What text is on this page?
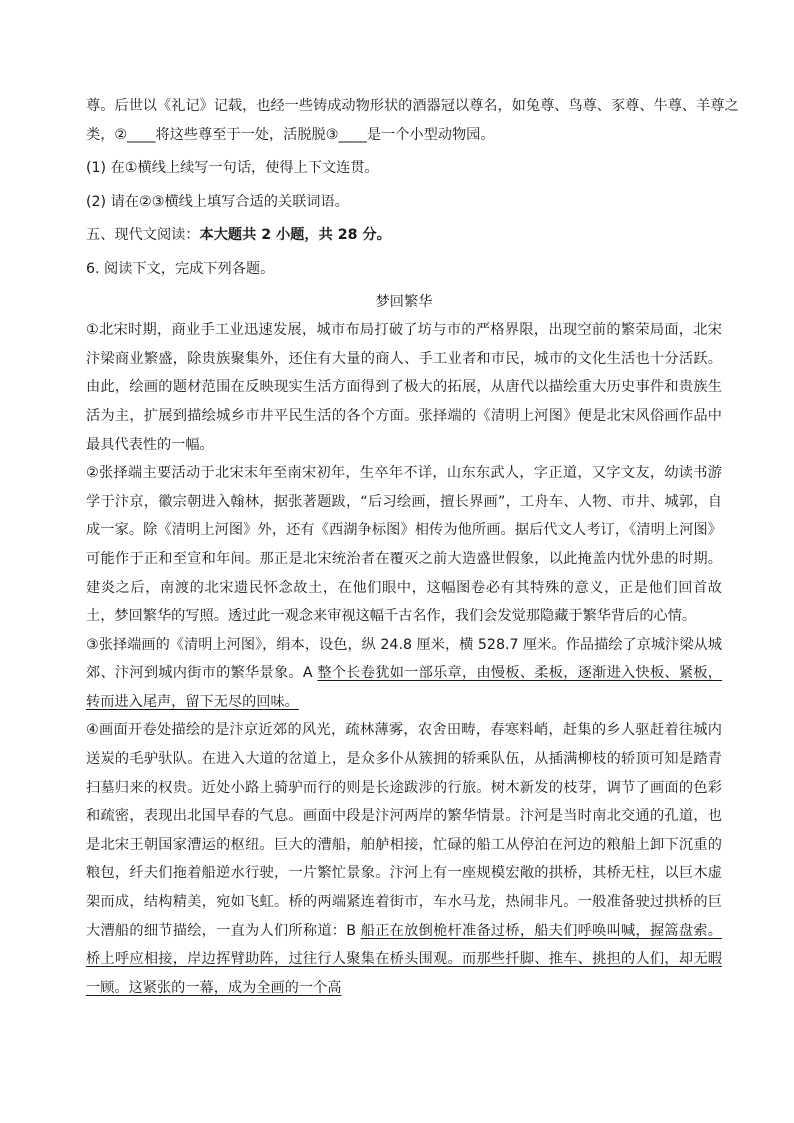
尊。后世以《礼记》记载，也经一些铸成动物形状的酒器冠以尊名，如兔尊、鸟尊、豕尊、牛尊、羊尊之

类，②____将这些尊至于一处，活脱脱③____是一个小型动物园。

(1) 在①横线上续写一句话，使得上下文连贯。

(2) 请在②③横线上填写合适的关联词语。

五、现代文阅读：本大题共 2 小题，共 28 分。

6. 阅读下文，完成下列各题。

梦回繁华

①北宋时期，商业手工业迅速发展，城市布局打破了坊与市的严格界限，出现空前的繁荣局面，北宋汴梁商业繁盛，除贵族聚集外，还住有大量的商人、手工业者和市民，城市的文化生活也十分活跃。由此，绘画的题材范围在反映现实生活方面得到了极大的拓展，从唐代以描绘重大历史事件和贵族生活为主，扩展到描绘城乡市井平民生活的各个方面。张择端的《清明上河图》便是北宋风俗画作品中最具代表性的一幅。

②张择端主要活动于北宋末年至南宋初年，生卒年不详，山东东武人，字正道，又字文友，幼读书游学于汴京，徽宗朝进入翰林，据张著题跋，“后习绘画，擅长界画”，工舟车、人物、市井、城郭，自成一家。除《清明上河图》外，还有《西湖争标图》相传为他所画。据后代文人考订，《清明上河图》可能作于正和至宣和年间。那正是北宋统治者在覆灭之前大造盛世假象，以此掩盖内忧外患的时期。建炎之后，南渡的北宋遗民怀念故土，在他们眼中，这幅图卷必有其特殊的意义，正是他们回首故土，梦回繁华的写照。透过此一观念来审视这幅千古名作，我们会发觉那隐藏于繁华背后的心情。

③张择端画的《清明上河图》，绢本，设色，纵 24.8 厘米，横 528.7 厘米。作品描绘了京城汴梁从城郊、汴河到城内街市的繁华景象。A 整个长卷犹如一部乐章，由慢板、柔板，逐渐进入快板、紧板，转而进入尾声，留下无尽的回味。

④画面开卷处描绘的是汴京近郊的风光，疏林薄雾，农舍田畴，春寒料峭，赶集的乡人驱赶着往城内送炭的毛驴驮队。在进入大道的岔道上，是众多仆从簇拥的轿乘队伍，从插满柳枝的轿顶可知是踏青扫墓归来的权贵。近处小路上骑驴而行的则是长途跋涉的行旅。树木新发的枝芽，调节了画面的色彩和疏密，表现出北国早春的气息。画面中段是汴河两岸的繁华情景。汴河是当时南北交通的孔道，也是北宋王朝国家漕运的枢纽。巨大的漕船，舶舻相接，忙碌的船工从停泊在河边的粮船上卸下沉重的粮包，纤夫们拖着船逆水行驶，一片繁忙景象。汴河上有一座规模宏敞的拱桥，其桥无柱，以巨木虚架而成，结构精美，宛如飞虹。桥的两端紧连着街市，车水马龙，热闹非凡。一般准备驶过拱桥的巨大漕船的细节描绘，一直为人们所称道：B 船正在放倒桅杆准备过桥，船夫们呼唤叫喊，握篙盘索。桥上呼应相接，岸边挥臂助阵，过往行人聚集在桥头围观。而那些扦脚、推车、挑担的人们，却无暇一顾。这紧张的一幕，成为全画的一个高
